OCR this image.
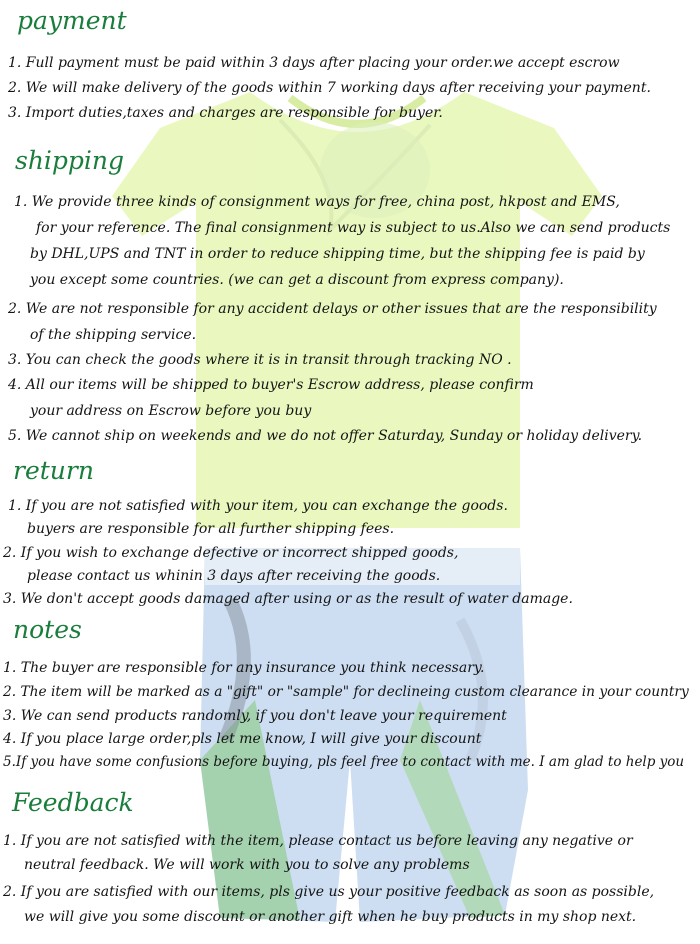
payment
1. Full payment must be paid within 3 days after placing your order.we accept escrow
2. We will make delivery of the goods within 7 working days after receiving your payment.
3. Import duties,taxes and charges are responsible for buyer.
shipping
1. We provide three kinds of consignment ways for free, china post, hkpost and EMS,
for your reference. The final consignment way is subject to us.Also we can send products
by DHL,UPS and TNT in order to reduce shipping time, but the shipping fee is paid by
you except some countries. (we can get a discount from express company).
2. We are not responsible for any accident delays or other issues that are the responsibility
of the shipping service.
3. You can check the goods where it is in transit through tracking NO .
4. All our items will be shipped to buyer's Escrow address, please confirm
your address on Escrow before you buy
5. We cannot ship on weekends and we do not offer Saturday, Sunday or holiday delivery.
return
1. If you are not satisfied with your item, you can exchange the goods.
buyers are responsible for all further shipping fees.
2. If you wish to exchange defective or incorrect shipped goods,
please contact us whinin 3 days after receiving the goods.
3. We don't accept goods damaged after using or as the result of water damage.
notes
1. The buyer are responsible for any insurance you think necessary.
2. The item will be marked as a "gift" or "sample" for declineing custom clearance in your country
3. We can send products randomly, if you don't leave your requirement
4. If you place large order,pls let me know, I will give your discount
5.If you have some confusions before buying, pls feel free to contact with me. I am glad to help you
Feedback
1. If you are not satisfied with the item, please contact us before leaving any negative or
neutral feedback. We will work with you to solve any problems
2. If you are satisfied with our items, pls give us your positive feedback as soon as possible,
we will give you some discount or another gift when he buy products in my shop next.
